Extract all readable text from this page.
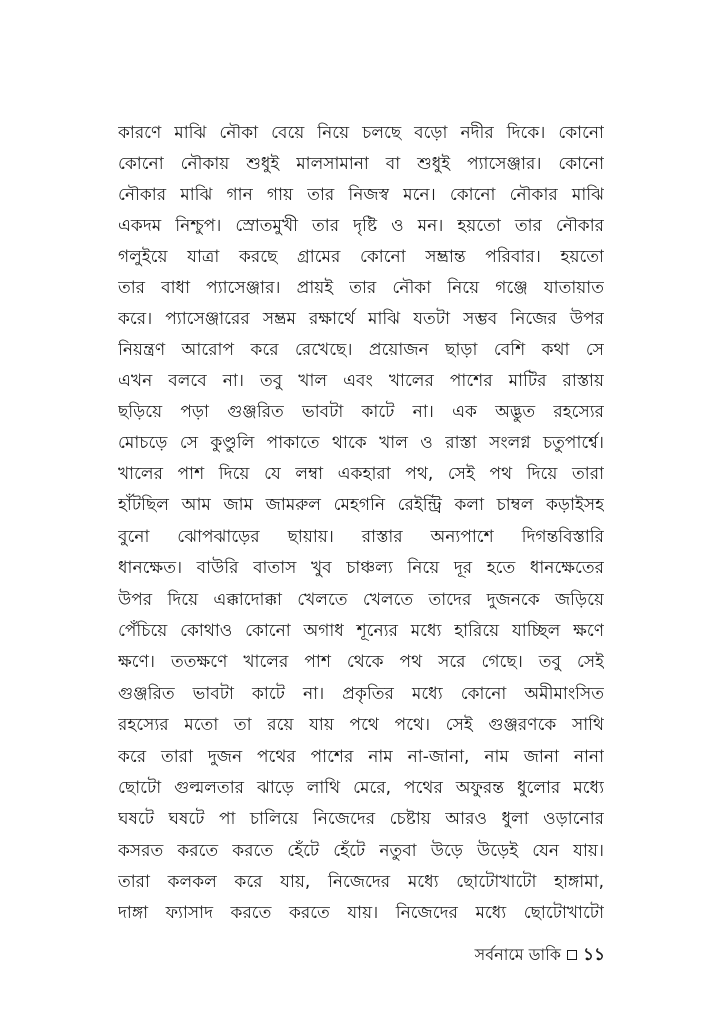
কারণে মাঝি নৌকা বেয়ে নিয়ে চলছে বড়ো নদীর দিকে। কোনো
কোনো নৌকায় শুধুই মালসামানা বা শুধুই প্যাসেঞ্জার। কোনো
নৌকার মাঝি গান গায় তার নিজস্ব মনে। কোনো নৌকার মাঝি
একদম নিশ্চুপ। স্রোতমুখী তার দৃষ্টি ও মন। হয়তো তার নৌকার
গলুইয়ে যাত্রা করছে গ্রামের কোনো সম্ভ্রান্ত পরিবার। হয়তো
তার বাধা প্যাসেঞ্জার। প্রায়ই তার নৌকা নিয়ে গঞ্জে যাতায়াত
করে। প্যাসেঞ্জারের সম্ভ্রম রক্ষার্থে মাঝি যতটা সম্ভব নিজের উপর
নিয়ন্ত্রণ আরোপ করে রেখেছে। প্রয়োজন ছাড়া বেশি কথা সে
এখন বলবে না। তবু খাল এবং খালের পাশের মাটির রাস্তায়
ছড়িয়ে পড়া গুঞ্জরিত ভাবটা কাটে না। এক অদ্ভুত রহস্যের
মোচড়ে সে কুণ্ডুলি পাকাতে থাকে খাল ও রাস্তা সংলগ্ন চতুপার্শ্বে।
খালের পাশ দিয়ে যে লম্বা একহারা পথ, সেই পথ দিয়ে তারা
হাঁটছিল আম জাম জামরুল মেহগনি রেইন্ট্রি কলা চাম্বল কড়াইসহ
বুনো ঝোপঝাড়ের ছায়ায়। রাস্তার অন্যপাশে দিগন্তবিস্তারি
ধানক্ষেত। বাউরি বাতাস খুব চাঞ্চল্য নিয়ে দূর হতে ধানক্ষেতের
উপর দিয়ে এক্কাদোক্কা খেলতে খেলতে তাদের দুজনকে জড়িয়ে
পেঁচিয়ে কোথাও কোনো অগাধ শূন্যের মধ্যে হারিয়ে যাচ্ছিল ক্ষণে
ক্ষণে। ততক্ষণে খালের পাশ থেকে পথ সরে গেছে। তবু সেই
গুঞ্জরিত ভাবটা কাটে না। প্রকৃতির মধ্যে কোনো অমীমাংসিত
রহস্যের মতো তা রয়ে যায় পথে পথে। সেই গুঞ্জরণকে সাথি
করে তারা দুজন পথের পাশের নাম না-জানা, নাম জানা নানা
ছোটো গুল্মলতার ঝাড়ে লাথি মেরে, পথের অফুরন্ত ধুলোর মধ্যে
ঘষটে ঘষটে পা চালিয়ে নিজেদের চেষ্টায় আরও ধুলা ওড়ানোর
কসরত করতে করতে হেঁটে হেঁটে নতুবা উড়ে উড়েই যেন যায়।
তারা কলকল করে যায়, নিজেদের মধ্যে ছোটোখাটো হাঙ্গামা,
দাঙ্গা ফ্যাসাদ করতে করতে যায়। নিজেদের মধ্যে ছোটোখাটো
সর্বনামে ডাকি ১১
